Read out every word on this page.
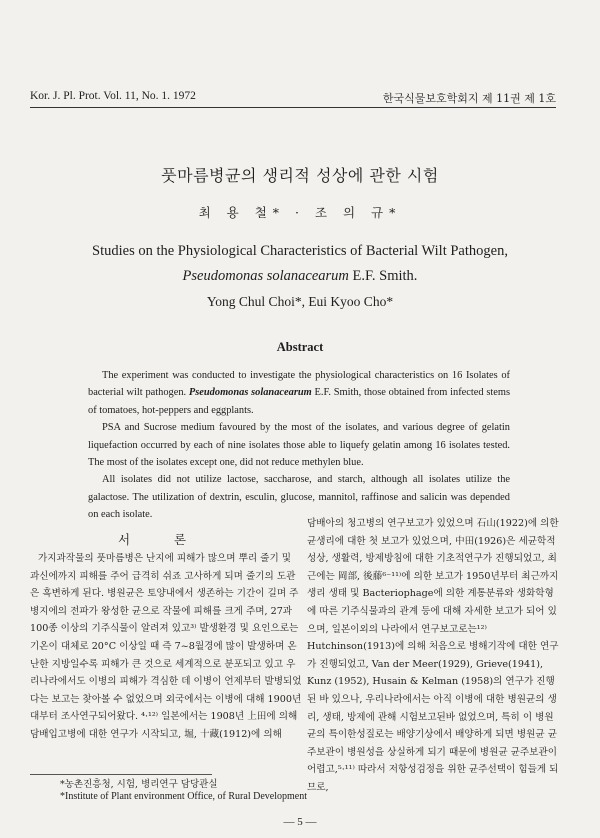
Kor. J. Pl. Prot. Vol. 11, No. 1. 1972	한국식물보호학회지 제 11권 제 1호
풋마름병균의 생리적 성상에 관한 시험
최 용 철* · 조 의 규*
Studies on the Physiological Characteristics of Bacterial Wilt Pathogen,
Pseudomonas solanacearum E.F. Smith.
Yong Chul Choi*, Eui Kyoo Cho*
Abstract

The experiment was conducted to investigate the physiological characteristics on 16 Isolates of bacterial wilt pathogen. Pseudomonas solanacearum E.F. Smith, those obtained from infected stems of tomatoes, hot-peppers and eggplants.

PSA and Sucrose medium favoured by the most of the isolates, and various degree of gelatin liquefaction occurred by each of nine isolates those able to liquefy gelatin among 16 isolates tested. The most of the isolates except one, did not reduce methylen blue.

All isolates did not utilize lactose, saccharose, and starch, although all isolates utilize the galactose. The utilization of dextrin, esculin, glucose, mannitol, raffinose and salicin was depended on each isolate.

서 론

가지과작물의 풋마름병은 난지에 피해가 많으며 뿌리 줄기 및 과신에까지 피해를 주어 급격히 쉬죠 고사하게 되며 줄기의 도관은 흑변하게 된다. 병원균은 토양내에서 생존하는 기간이 길며 주병지에의 전파가 왕성한 균으로 작물에 피해를 크게 주며, 27과 100종 이상의 기주식물이 알려져 있고³⁾ 발생환경 및 요인으로는 기온이 대체로 20°C 이상일 때 즉 7~8월경에 많이 발생하며 온난한 지방일수록 피해가 큰 것으로 세계적으로 분포되고 있고 우리나라에서도 이병의 피해가 격심한 데 이병이 언제부터 발병되었다는 보고는 찾아볼 수 없었으며 외국에서는 이병에 대해 1900년대부터 조사연구되어왔다. ⁴·¹²⁾ 일본에서는 1908년 上田에 의해 담배입고병에 대한 연구가 시작되고, 堀, 十藏(1912)에 의해

담배아의 청고병의 연구보고가 있었으며 石山(1922)에 의한 균생리에 대한 첫 보고가 있었으며, 中田(1926)은 세균학적성상, 생활력, 방제방침에 대한 기초적연구가 진행되었고, 최근에는 岡部, 後藤⁶⁻¹¹⁾에 의한 보고가 1950년부터 최근까지 생리 생태 및 Bacteriophage에 의한 계통분류와 생화학형에 따른 기주식물과의 관계 등에 대해 자세한 보고가 되어 있으며, 일본이외의 나라에서 연구보고로는¹²⁾ Hutchinson(1913)에 의해 처음으로 병해기작에 대한 연구가 진행되었고, Van der Meer(1929), Grieve(1941), Kunz (1952), Husain & Kelman (1958)의 연구가 진행된 바 있으나, 우리나라에서는 아직 이병에 대한 병원균의 생리, 생태, 방제에 관해 시험보고된바 없었으며, 특히 이 병원균의 특이한성질로는 배양기상에서 배양하게 되면 병원균 균주보관이 병원성을 상실하게 되기 때문에 병원균 균주보관이 어렵고,⁵·¹¹⁾ 따라서 저항성검정을 위한 균주선택이 힘들게 되므로,

*농촌진흥청, 시험, 병리연구 담당관실
*Institute of Plant environment Office, of Rural Development
— 5 —
